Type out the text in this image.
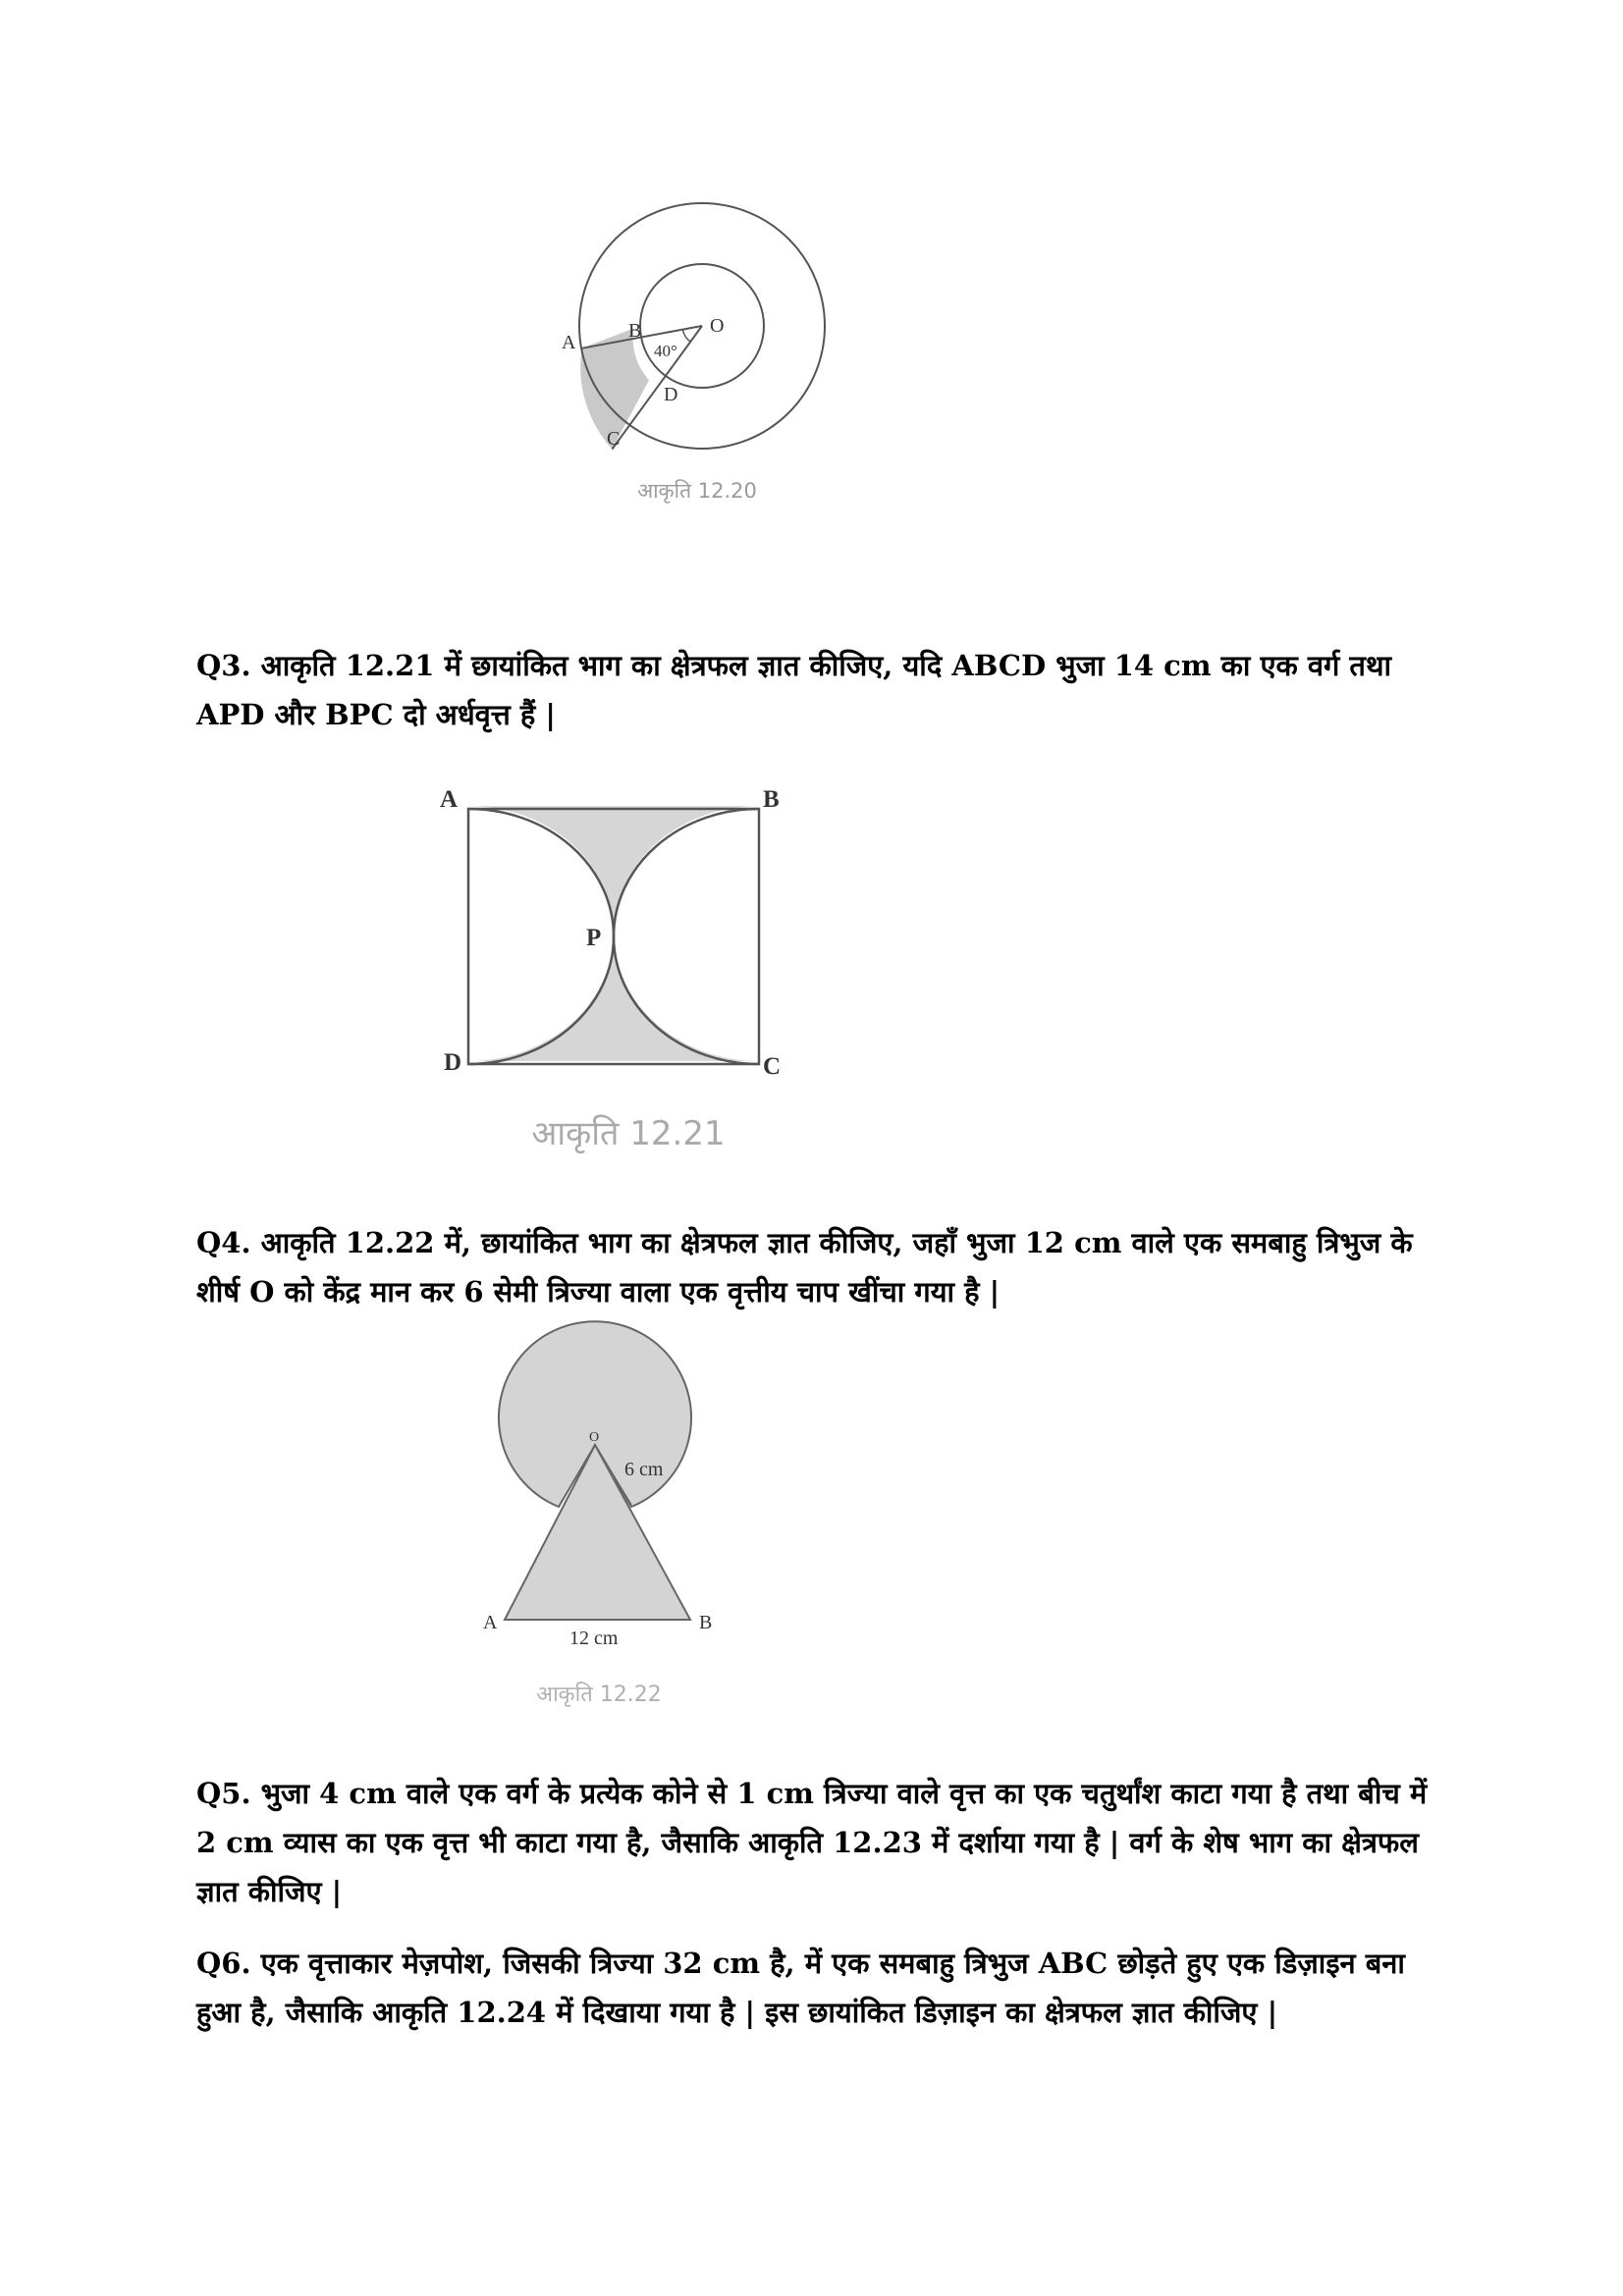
A
B	O
D
C
40°
आकृति 12.20

Q3. आकृति 12.21 में छायांकित भाग का क्षेत्रफल ज्ञात कीजिए, यदि ABCD भुजा 14 cm का एक वर्ग तथा APD और BPC दो अर्धवृत्त हैं |

A	B
D	C
P
आकृति 12.21

Q4. आकृति 12.22 में, छायांकित भाग का क्षेत्रफल ज्ञात कीजिए, जहाँ भुजा 12 cm वाले एक समबाहु त्रिभुज के शीर्ष O को केंद्र मान कर 6 सेमी त्रिज्या वाला एक वृत्तीय चाप खींचा गया है |

O
6 cm
A	B
12 cm
आकृति 12.22

Q5. भुजा 4 cm वाले एक वर्ग के प्रत्येक कोने से 1 cm त्रिज्या वाले वृत्त का एक चतुर्थांश काटा गया है तथा बीच में 2 cm व्यास का एक वृत्त भी काटा गया है, जैसाकि आकृति 12.23 में दर्शाया गया है | वर्ग के शेष भाग का क्षेत्रफल ज्ञात कीजिए |

Q6. एक वृत्ताकार मेज़पोश, जिसकी त्रिज्या 32 cm है, में एक समबाहु त्रिभुज ABC छोड़ते हुए एक डिज़ाइन बना हुआ है, जैसाकि आकृति 12.24 में दिखाया गया है | इस छायांकित डिज़ाइन का क्षेत्रफल ज्ञात कीजिए |
